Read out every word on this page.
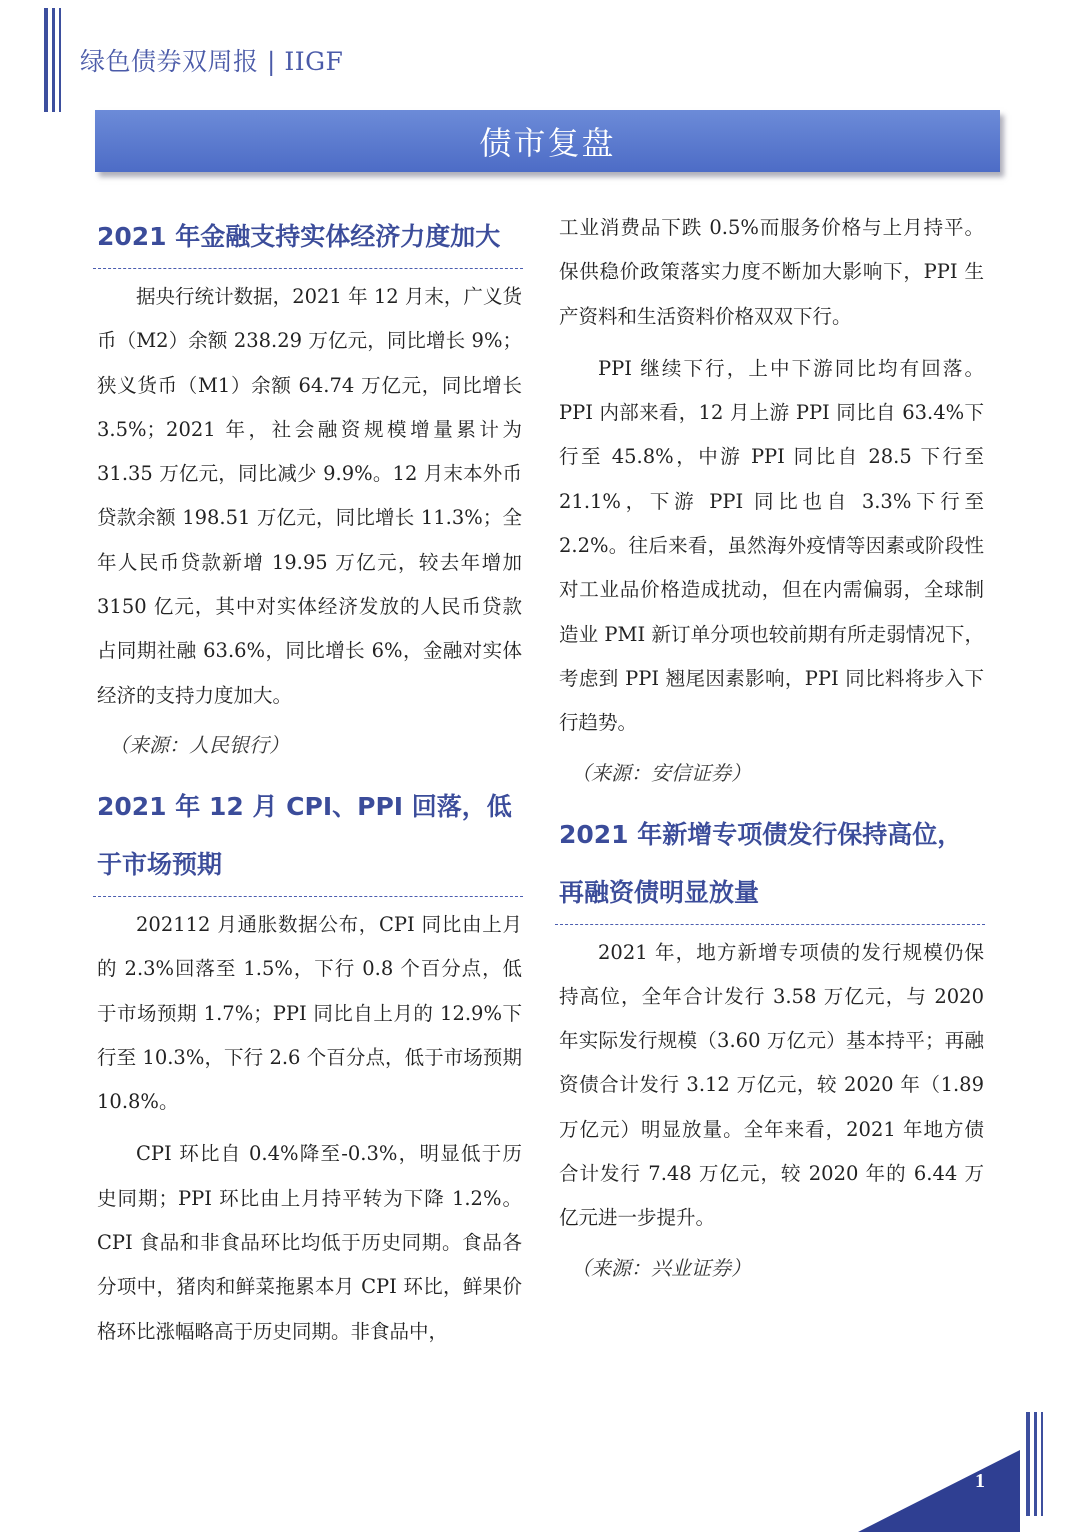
绿色债券双周报 | IIGF
债市复盘
2021 年金融支持实体经济力度加大

据央行统计数据，2021 年 12 月末，广义货币（M2）余额 238.29 万亿元，同比增长 9%；狭义货币（M1）余额 64.74 万亿元，同比增长 3.5%；2021 年，社会融资规模增量累计为 31.35 万亿元，同比减少 9.9%。12 月末本外币贷款余额 198.51 万亿元，同比增长 11.3%；全年人民币贷款新增 19.95 万亿元，较去年增加 3150 亿元，其中对实体经济发放的人民币贷款占同期社融 63.6%，同比增长 6%，金融对实体经济的支持力度加大。

（来源：人民银行）
2021 年 12 月 CPI、PPI 回落，低于市场预期

202112 月通胀数据公布，CPI 同比由上月的 2.3%回落至 1.5%，下行 0.8 个百分点，低于市场预期 1.7%；PPI 同比自上月的 12.9%下行至 10.3%，下行 2.6 个百分点，低于市场预期 10.8%。

CPI 环比自 0.4%降至-0.3%，明显低于历史同期；PPI 环比由上月持平转为下降 1.2%。CPI 食品和非食品环比均低于历史同期。食品各分项中，猪肉和鲜菜拖累本月 CPI 环比，鲜果价格环比涨幅略高于历史同期。非食品中，

工业消费品下跌 0.5%而服务价格与上月持平。保供稳价政策落实力度不断加大影响下，PPI 生产资料和生活资料价格双双下行。

PPI 继续下行，上中下游同比均有回落。PPI 内部来看，12 月上游 PPI 同比自 63.4%下行至 45.8%，中游 PPI 同比自 28.5 下行至 21.1%，下游 PPI 同比也自 3.3%下行至 2.2%。往后来看，虽然海外疫情等因素或阶段性对工业品价格造成扰动，但在内需偏弱，全球制造业 PMI 新订单分项也较前期有所走弱情况下，考虑到 PPI 翘尾因素影响，PPI 同比料将步入下行趋势。

（来源：安信证券）
2021 年新增专项债发行保持高位，再融资债明显放量

2021 年，地方新增专项债的发行规模仍保持高位，全年合计发行 3.58 万亿元，与 2020 年实际发行规模（3.60 万亿元）基本持平；再融资债合计发行 3.12 万亿元，较 2020 年（1.89 万亿元）明显放量。全年来看，2021 年地方债合计发行 7.48 万亿元，较 2020 年的 6.44 万亿元进一步提升。

（来源：兴业证券）
1
